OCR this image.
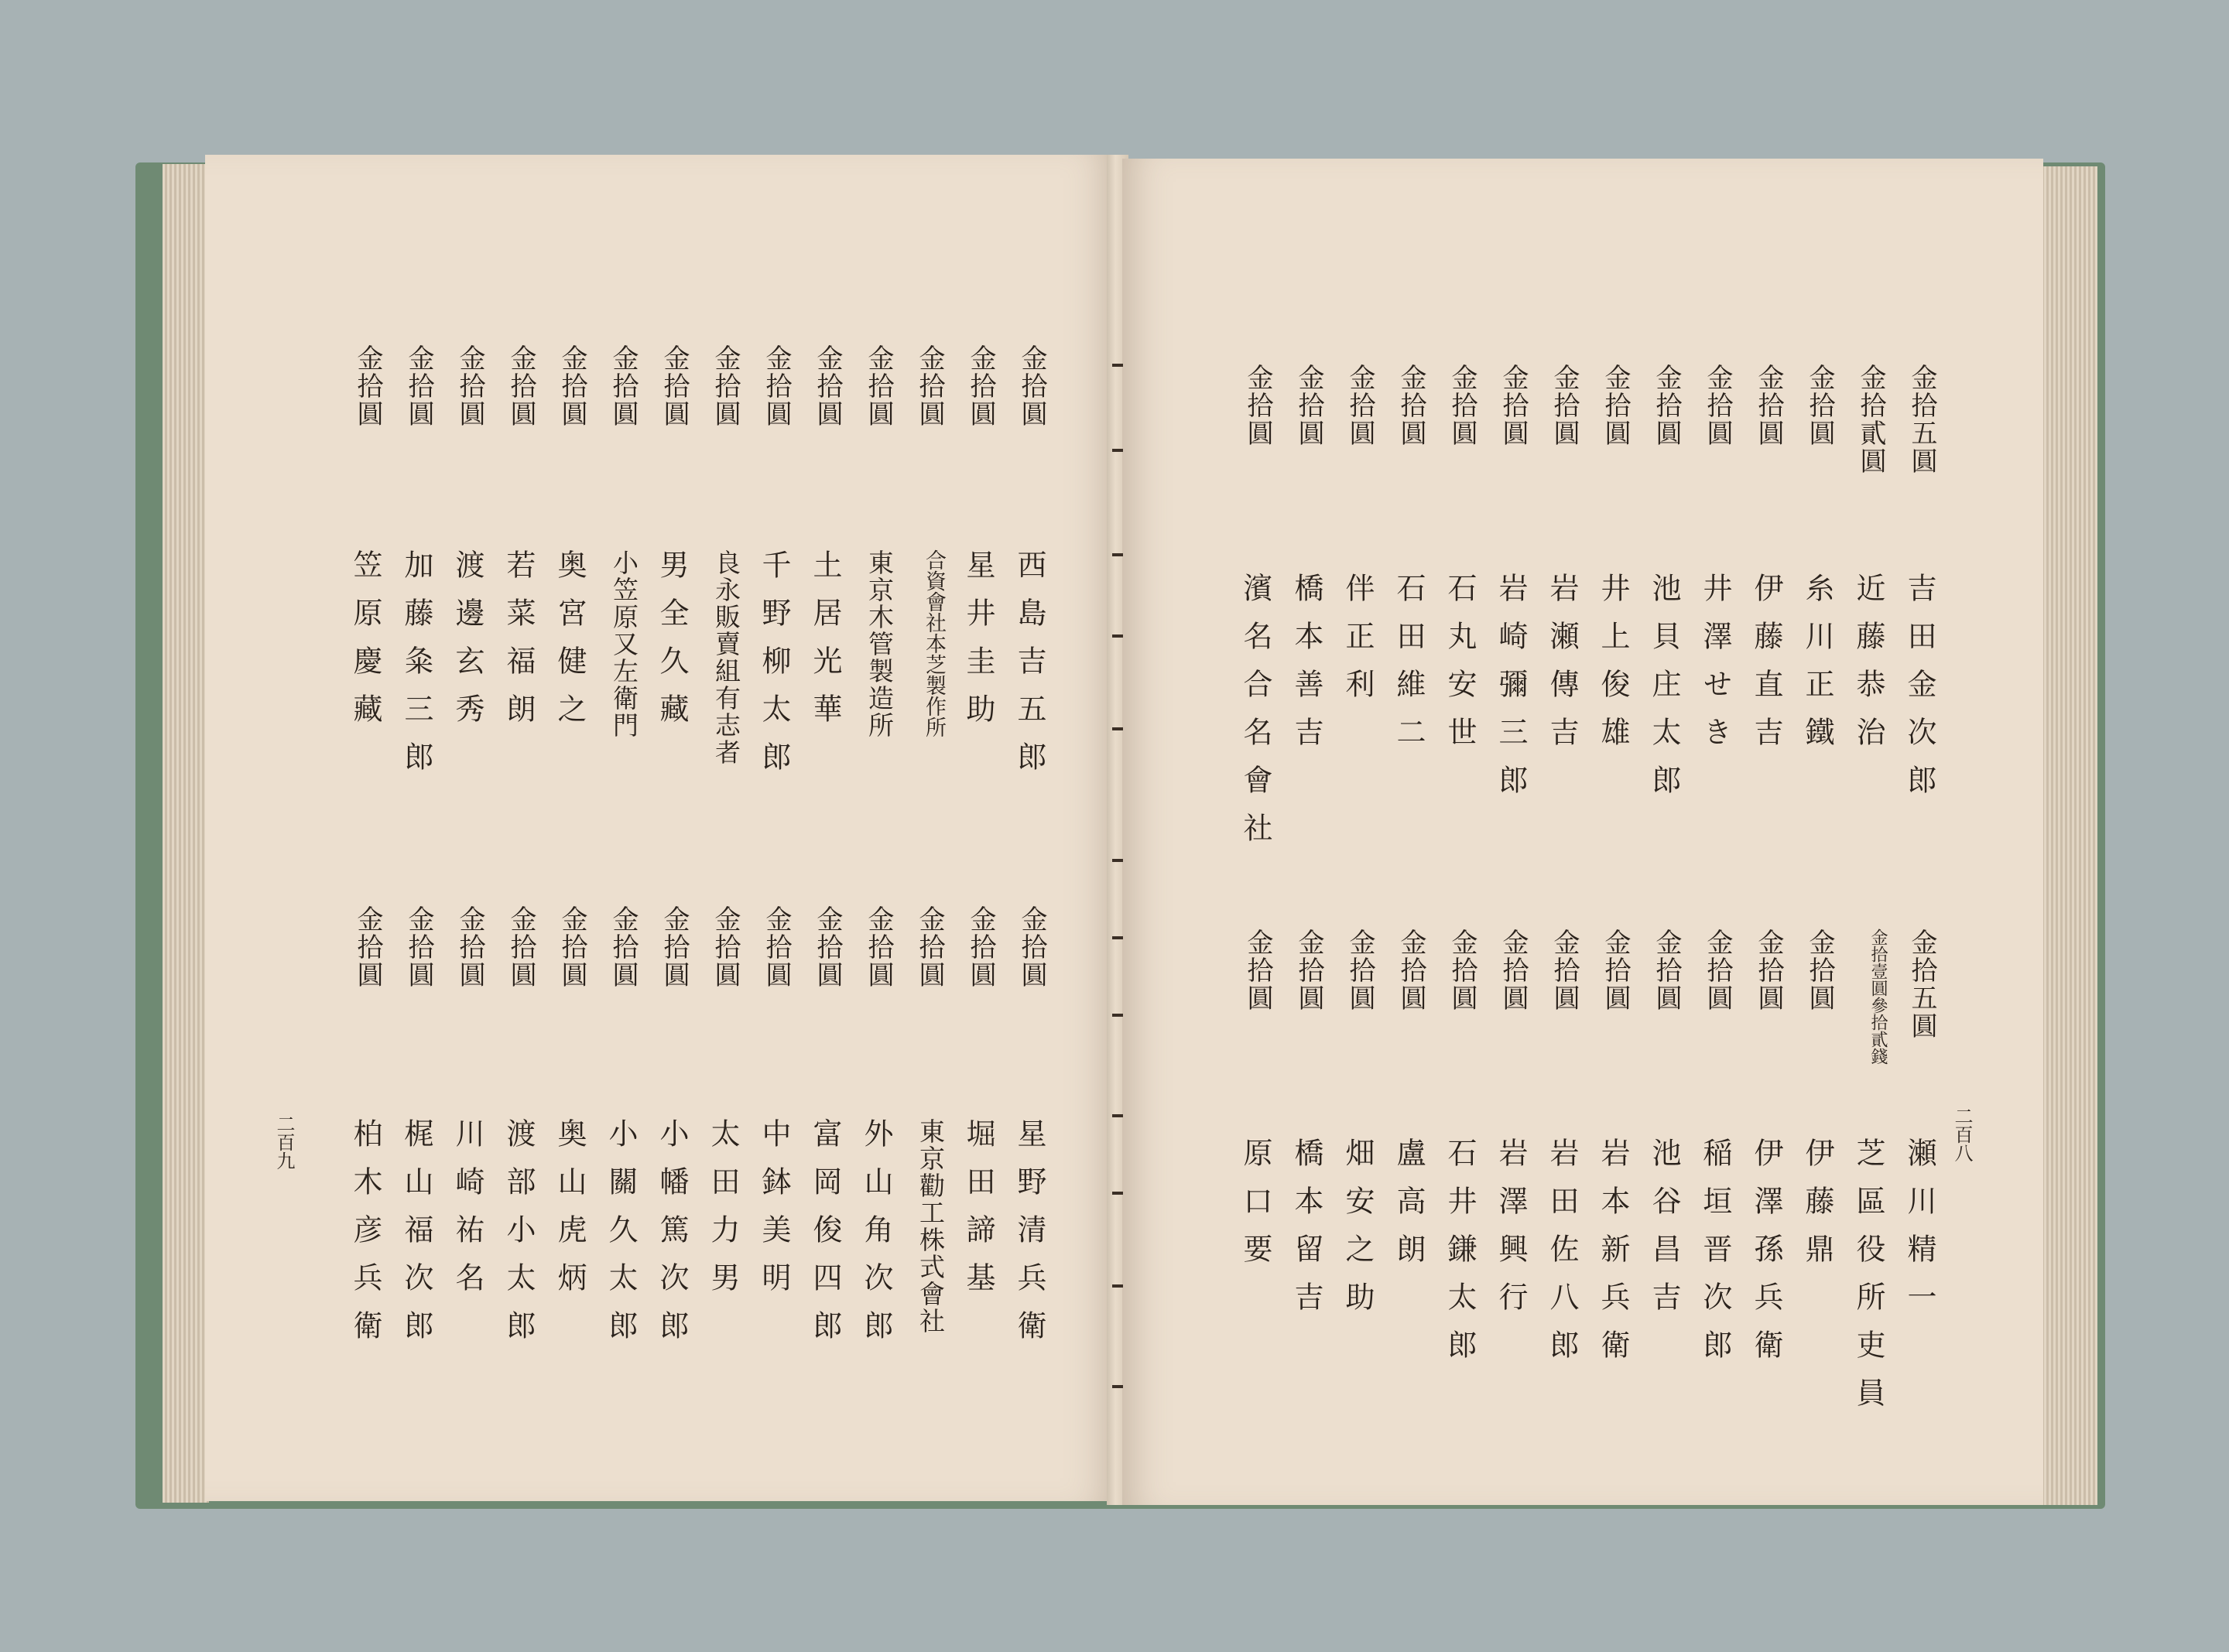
金拾圓
西島吉五郎
金拾圓
星井圭助
金拾圓
合資會社本芝製作所
金拾圓
東京木管製造所
金拾圓
土居光華
金拾圓
千野柳太郎
金拾圓
良永販賣組有志者
金拾圓
男全久藏
金拾圓
小笠原又左衛門
金拾圓
奥宮健之
金拾圓
若菜福朗
金拾圓
渡邊玄秀
金拾圓
加藤粂三郎
金拾圓
笠原慶藏
金拾圓
星野清兵衛
金拾圓
堀田諦基
金拾圓
東京勸工株式會社
金拾圓
外山角次郎
金拾圓
富岡俊四郎
金拾圓
中鉢美明
金拾圓
太田力男
金拾圓
小幡篤次郎
金拾圓
小關久太郎
金拾圓
奥山虎炳
金拾圓
渡部小太郎
金拾圓
川崎祐名
金拾圓
梶山福次郎
金拾圓
柏木彦兵衛
二百九
金拾五圓
吉田金次郎
金拾貳圓
近藤恭治
金拾圓
糸川正鐵
金拾圓
伊藤直吉
金拾圓
井澤せき
金拾圓
池貝庄太郎
金拾圓
井上俊雄
金拾圓
岩瀬傳吉
金拾圓
岩崎彌三郎
金拾圓
石丸安世
金拾圓
石田維二
金拾圓
伴正利
金拾圓
橋本善吉
金拾圓
濱名合名會社
金拾五圓
瀬川精一
金拾壹圓參拾貳錢
芝區役所吏員
金拾圓
伊藤鼎
金拾圓
伊澤孫兵衛
金拾圓
稲垣晋次郎
金拾圓
池谷昌吉
金拾圓
岩本新兵衛
金拾圓
岩田佐八郎
金拾圓
岩澤興行
金拾圓
石井鎌太郎
金拾圓
盧高朗
金拾圓
畑安之助
金拾圓
橋本留吉
金拾圓
原口要
二百八
